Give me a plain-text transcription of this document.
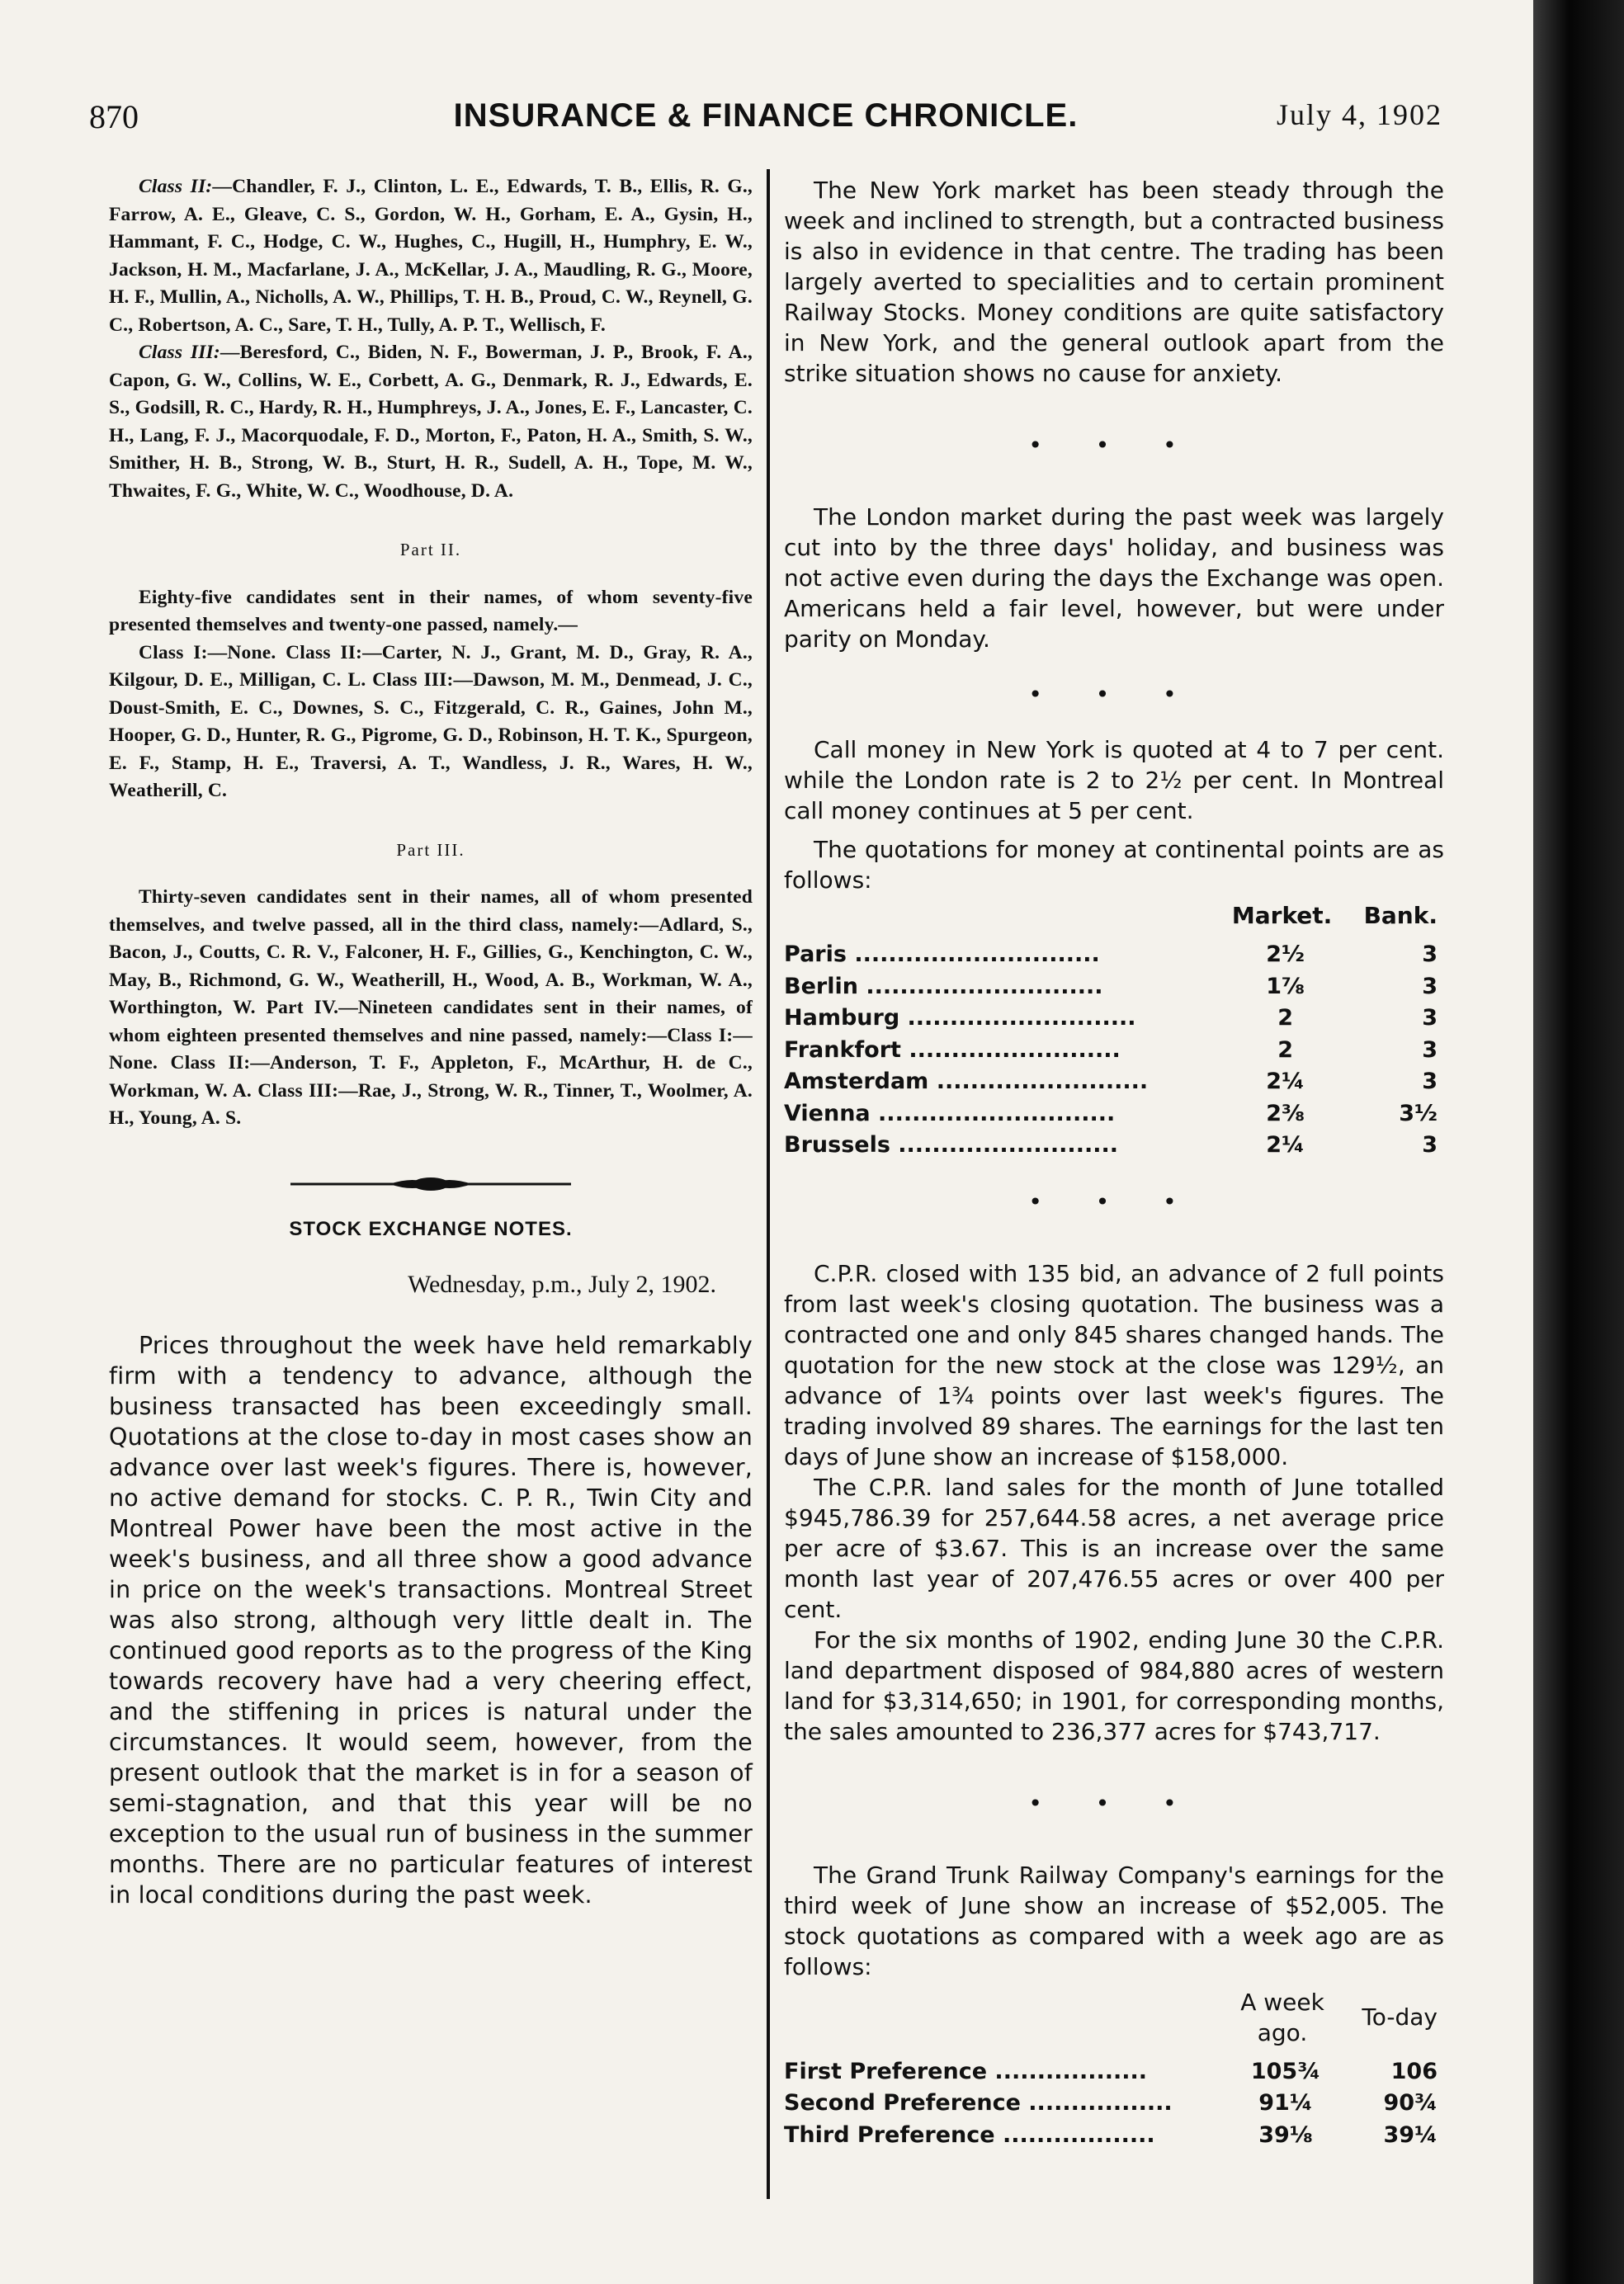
870	INSURANCE & FINANCE CHRONICLE.	July 4, 1902

Class II:—Chandler, F. J., Clinton, L. E., Edwards, T. B., Ellis, R. G., Farrow, A. E., Gleave, C. S., Gordon, W. H., Gorham, E. A., Gysin, H., Hammant, F. C., Hodge, C. W., Hughes, C., Hugill, H., Humphry, E. W., Jackson, H. M., Macfarlane, J. A., McKellar, J. A., Maudling, R. G., Moore, H. F., Mullin, A., Nicholls, A. W., Phillips, T. H. B., Proud, C. W., Reynell, G. C., Robertson, A. C., Sare, T. H., Tully, A. P. T., Wellisch, F.

Class III:—Beresford, C., Biden, N. F., Bowerman, J. P., Brook, F. A., Capon, G. W., Collins, W. E., Corbett, A. G., Denmark, R. J., Edwards, E. S., Godsill, R. C., Hardy, R. H., Humphreys, J. A., Jones, E. F., Lancaster, C. H., Lang, F. J., Macorquodale, F. D., Morton, F., Paton, H. A., Smith, S. W., Smither, H. B., Strong, W. B., Sturt, H. R., Sudell, A. H., Tope, M. W., Thwaites, F. G., White, W. C., Woodhouse, D. A.

Part II.

Eighty-five candidates sent in their names, of whom seventy-five presented themselves and twenty-one passed, namely.—

Class I:—None. Class II:—Carter, N. J., Grant, M. D., Gray, R. A., Kilgour, D. E., Milligan, C. L. Class III:—Dawson, M. M., Denmead, J. C., Doust-Smith, E. C., Downes, S. C., Fitzgerald, C. R., Gaines, John M., Hooper, G. D., Hunter, R. G., Pigrome, G. D., Robinson, H. T. K., Spurgeon, E. F., Stamp, H. E., Traversi, A. T., Wandless, J. R., Wares, H. W., Weatherill, C.

Part III.

Thirty-seven candidates sent in their names, all of whom presented themselves, and twelve passed, all in the third class, namely:—Adlard, S., Bacon, J., Coutts, C. R. V., Falconer, H. F., Gillies, G., Kenchington, C. W., May, B., Richmond, G. W., Weatherill, H., Wood, A. B., Workman, W. A., Worthington, W. Part IV.—Nineteen candidates sent in their names, of whom eighteen presented themselves and nine passed, namely:—Class I:—None. Class II:—Anderson, T. F., Appleton, F., McArthur, H. de C., Workman, W. A. Class III:—Rae, J., Strong, W. R., Tinner, T., Woolmer, A. H., Young, A. S.

STOCK EXCHANGE NOTES.
Wednesday, p.m., July 2, 1902.

Prices throughout the week have held remarkably firm with a tendency to advance, although the business transacted has been exceedingly small. Quotations at the close to-day in most cases show an advance over last week's figures. There is, however, no active demand for stocks. C. P. R., Twin City and Montreal Power have been the most active in the week's business, and all three show a good advance in price on the week's transactions. Montreal Street was also strong, although very little dealt in. The continued good reports as to the progress of the King towards recovery have had a very cheering effect, and the stiffening in prices is natural under the circumstances. It would seem, however, from the present outlook that the market is in for a season of semi-stagnation, and that this year will be no exception to the usual run of business in the summer months. There are no particular features of interest in local conditions during the past week.

The New York market has been steady through the week and inclined to strength, but a contracted business is also in evidence in that centre. The trading has been largely averted to specialities and to certain prominent Railway Stocks. Money conditions are quite satisfactory in New York, and the general outlook apart from the strike situation shows no cause for anxiety.

• • •

The London market during the past week was largely cut into by the three days' holiday, and business was not active even during the days the Exchange was open. Americans held a fair level, however, but were under parity on Monday.

• • •

Call money in New York is quoted at 4 to 7 per cent. while the London rate is 2 to 2½ per cent. In Montreal call money continues at 5 per cent.

The quotations for money at continental points are as follows:

	Market.	Bank.
Paris .............................	2½	3
Berlin ............................	1⅞	3
Hamburg ...........................	2	3
Frankfort .........................	2	3
Amsterdam .........................	2¼	3
Vienna ............................	2⅜	3½
Brussels ..........................	2¼	3
• • •

C.P.R. closed with 135 bid, an advance of 2 full points from last week's closing quotation. The business was a contracted one and only 845 shares changed hands. The quotation for the new stock at the close was 129½, an advance of 1¾ points over last week's figures. The trading involved 89 shares. The earnings for the last ten days of June show an increase of $158,000.

The C.P.R. land sales for the month of June totalled $945,786.39 for 257,644.58 acres, a net average price per acre of $3.67. This is an increase over the same month last year of 207,476.55 acres or over 400 per cent.

For the six months of 1902, ending June 30 the C.P.R. land department disposed of 984,880 acres of western land for $3,314,650; in 1901, for corresponding months, the sales amounted to 236,377 acres for $743,717.

• • •

The Grand Trunk Railway Company's earnings for the third week of June show an increase of $52,005. The stock quotations as compared with a week ago are as follows:

	A week ago.	To-day
First Preference ..................	105¾	106
Second Preference .................	91¼	90¾
Third Preference ..................	39⅛	39¼
